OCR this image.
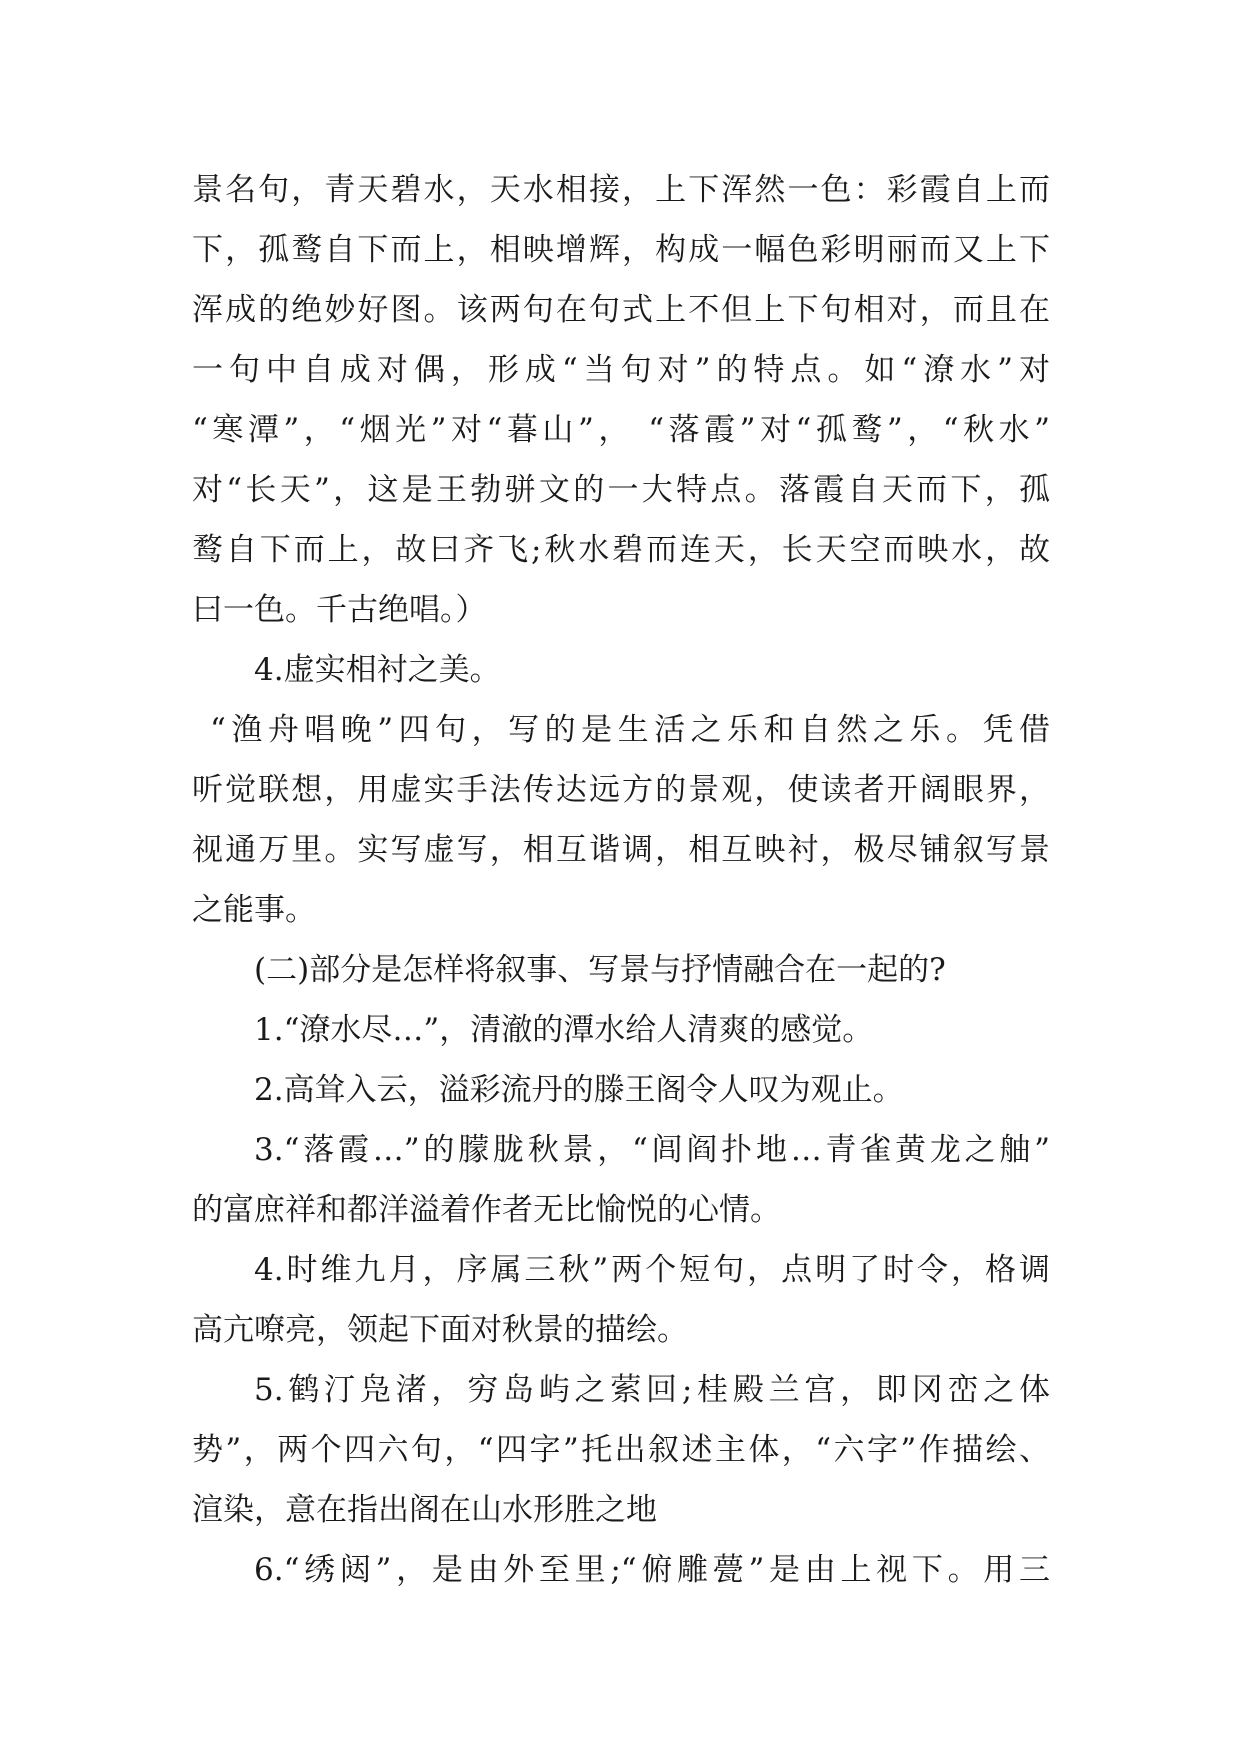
景名句，青天碧水，天水相接，上下浑然一色：彩霞自上而

下，孤鹜自下而上，相映增辉，构成一幅色彩明丽而又上下

浑成的绝妙好图。该两句在句式上不但上下句相对，而且在

一句中自成对偶，形成“当句对”的特点。如“潦水”对

“寒潭”，“烟光”对“暮山”， “落霞”对“孤鹜”，“秋水”

对“长天”，这是王勃骈文的一大特点。落霞自天而下，孤

鹜自下而上，故曰齐飞;秋水碧而连天，长天空而映水，故

曰一色。千古绝唱。）

4.虚实相衬之美。

“渔舟唱晚”四句，写的是生活之乐和自然之乐。凭借

听觉联想，用虚实手法传达远方的景观，使读者开阔眼界，

视通万里。实写虚写，相互谐调，相互映衬，极尽铺叙写景

之能事。

(二)部分是怎样将叙事、写景与抒情融合在一起的?

1.“潦水尽…”，清澈的潭水给人清爽的感觉。

2.高耸入云，溢彩流丹的滕王阁令人叹为观止。

3.“落霞…”的朦胧秋景，“闾阎扑地…青雀黄龙之舳”

的富庶祥和都洋溢着作者无比愉悦的心情。

4.时维九月，序属三秋”两个短句，点明了时令，格调

高亢嘹亮，领起下面对秋景的描绘。

5.鹤汀凫渚，穷岛屿之萦回;桂殿兰宫，即冈峦之体

势”，两个四六句，“四字”托出叙述主体，“六字”作描绘、

渲染，意在指出阁在山水形胜之地

6.“绣闼”，是由外至里;“俯雕甍”是由上视下。用三
